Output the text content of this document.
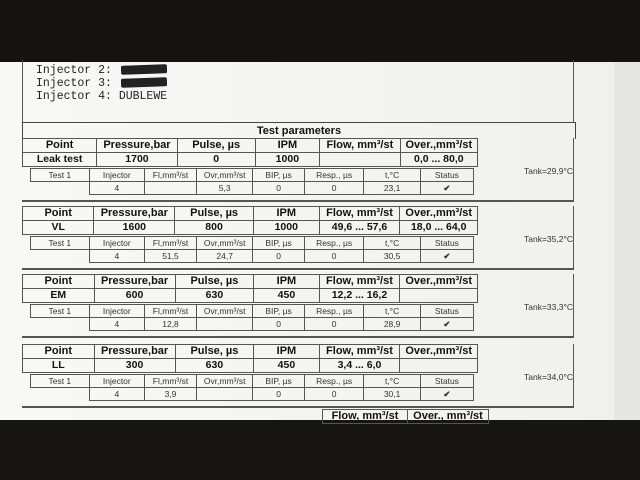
Injector 2:
Injector 3:
Injector 4: DUBLEWE
Test parameters
Point	Pressure,bar	Pulse, µs	IPM	Flow, mm³/st	Over.,mm³/st
Leak test	1700	0	1000		0,0 ... 80,0
Test 1	Injector	Fl,mm³/st	Ovr,mm³/st	BIP, µs	Resp., µs	t,°C	Status
	4		5,3	0	0	23,1	✔
Tank=29,9°C
Point	Pressure,bar	Pulse, µs	IPM	Flow, mm³/st	Over.,mm³/st
VL	1600	800	1000	49,6 ... 57,6	18,0 ... 64,0
Test 1	Injector	Fl,mm³/st	Ovr,mm³/st	BIP, µs	Resp., µs	t,°C	Status
	4	51,5	24,7	0	0	30,5	✔
Tank=35,2°C
Point	Pressure,bar	Pulse, µs	IPM	Flow, mm³/st	Over.,mm³/st
EM	600	630	450	12,2 ... 16,2	
Test 1	Injector	Fl,mm³/st	Ovr,mm³/st	BIP, µs	Resp., µs	t,°C	Status
	4	12,8		0	0	28,9	✔
Tank=33,3°C
Point	Pressure,bar	Pulse, µs	IPM	Flow, mm³/st	Over.,mm³/st
LL	300	630	450	3,4 ... 6,0	
Test 1	Injector	Fl,mm³/st	Ovr,mm³/st	BIP, µs	Resp., µs	t,°C	Status
	4	3,9		0	0	30,1	✔
Tank=34,0°C
Flow, mm³/st	Over., mm³/st
